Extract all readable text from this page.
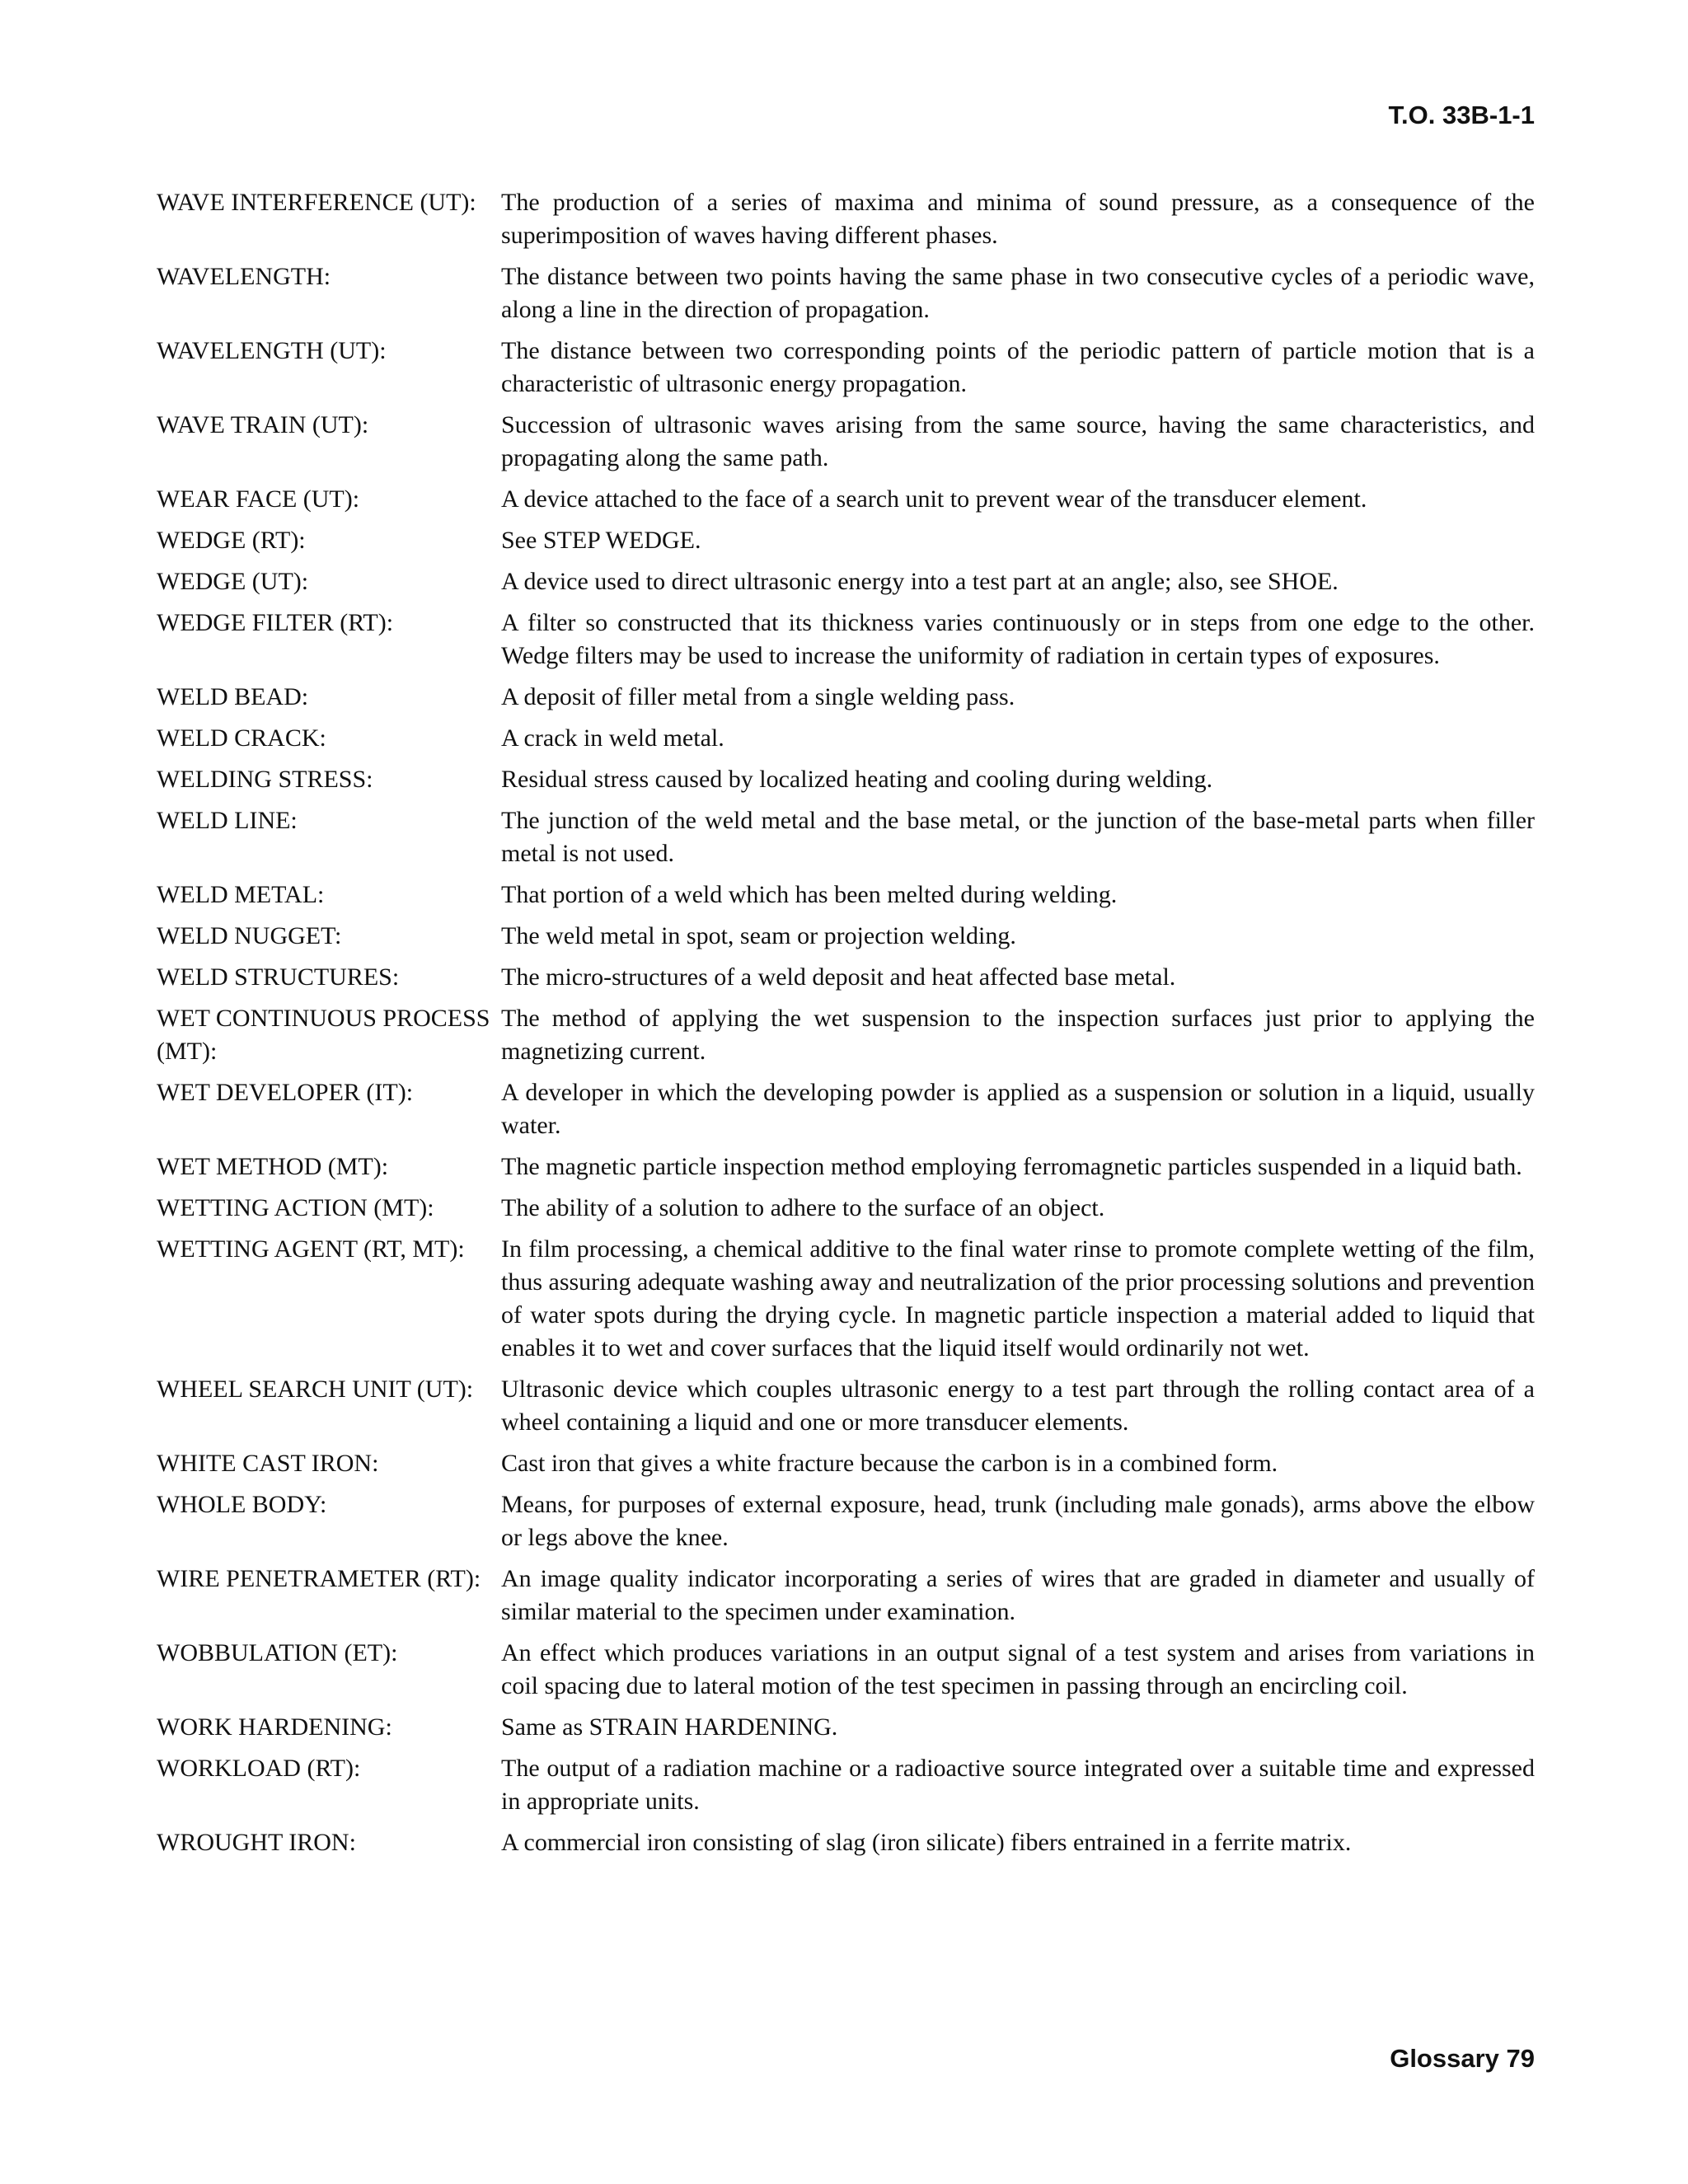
T.O. 33B-1-1
WAVE INTERFERENCE (UT):	The production of a series of maxima and minima of sound pressure, as a consequence of the superimposition of waves having different phases.
WAVELENGTH:	The distance between two points having the same phase in two consecutive cycles of a periodic wave, along a line in the direction of propagation.
WAVELENGTH (UT):	The distance between two corresponding points of the periodic pattern of particle motion that is a characteristic of ultrasonic energy propagation.
WAVE TRAIN (UT):	Succession of ultrasonic waves arising from the same source, having the same characteristics, and propagating along the same path.
WEAR FACE (UT):	A device attached to the face of a search unit to prevent wear of the transducer element.
WEDGE (RT):	See STEP WEDGE.
WEDGE (UT):	A device used to direct ultrasonic energy into a test part at an angle; also, see SHOE.
WEDGE FILTER (RT):	A filter so constructed that its thickness varies continuously or in steps from one edge to the other. Wedge filters may be used to increase the uniformity of radiation in certain types of exposures.
WELD BEAD:	A deposit of filler metal from a single welding pass.
WELD CRACK:	A crack in weld metal.
WELDING STRESS:	Residual stress caused by localized heating and cooling during welding.
WELD LINE:	The junction of the weld metal and the base metal, or the junction of the base-metal parts when filler metal is not used.
WELD METAL:	That portion of a weld which has been melted during welding.
WELD NUGGET:	The weld metal in spot, seam or projection welding.
WELD STRUCTURES:	The micro-structures of a weld deposit and heat affected base metal.
WET CONTINUOUS PROCESS (MT):
The method of applying the wet suspension to the inspection surfaces just prior to applying the magnetizing current.
WET DEVELOPER (IT):	A developer in which the developing powder is applied as a suspension or solution in a liquid, usually water.
WET METHOD (MT):	The magnetic particle inspection method employing ferromagnetic particles suspended in a liquid bath.
WETTING ACTION (MT):	The ability of a solution to adhere to the surface of an object.
WETTING AGENT (RT, MT):	In film processing, a chemical additive to the final water rinse to promote complete wetting of the film, thus assuring adequate washing away and neutralization of the prior processing solutions and prevention of water spots during the drying cycle. In magnetic particle inspection a material added to liquid that enables it to wet and cover surfaces that the liquid itself would ordinarily not wet.
WHEEL SEARCH UNIT (UT):	Ultrasonic device which couples ultrasonic energy to a test part through the rolling contact area of a wheel containing a liquid and one or more transducer elements.
WHITE CAST IRON:	Cast iron that gives a white fracture because the carbon is in a combined form.
WHOLE BODY:	Means, for purposes of external exposure, head, trunk (including male gonads), arms above the elbow or legs above the knee.
WIRE PENETRAMETER (RT): An image quality indicator incorporating a series of wires that are graded in diameter and usually of similar material to the specimen under examination.
WOBBULATION (ET):	An effect which produces variations in an output signal of a test system and arises from variations in coil spacing due to lateral motion of the test specimen in passing through an encircling coil.
WORK HARDENING:	Same as STRAIN HARDENING.
WORKLOAD (RT):	The output of a radiation machine or a radioactive source integrated over a suitable time and expressed in appropriate units.
WROUGHT IRON:	A commercial iron consisting of slag (iron silicate) fibers entrained in a ferrite matrix.
Glossary 79
